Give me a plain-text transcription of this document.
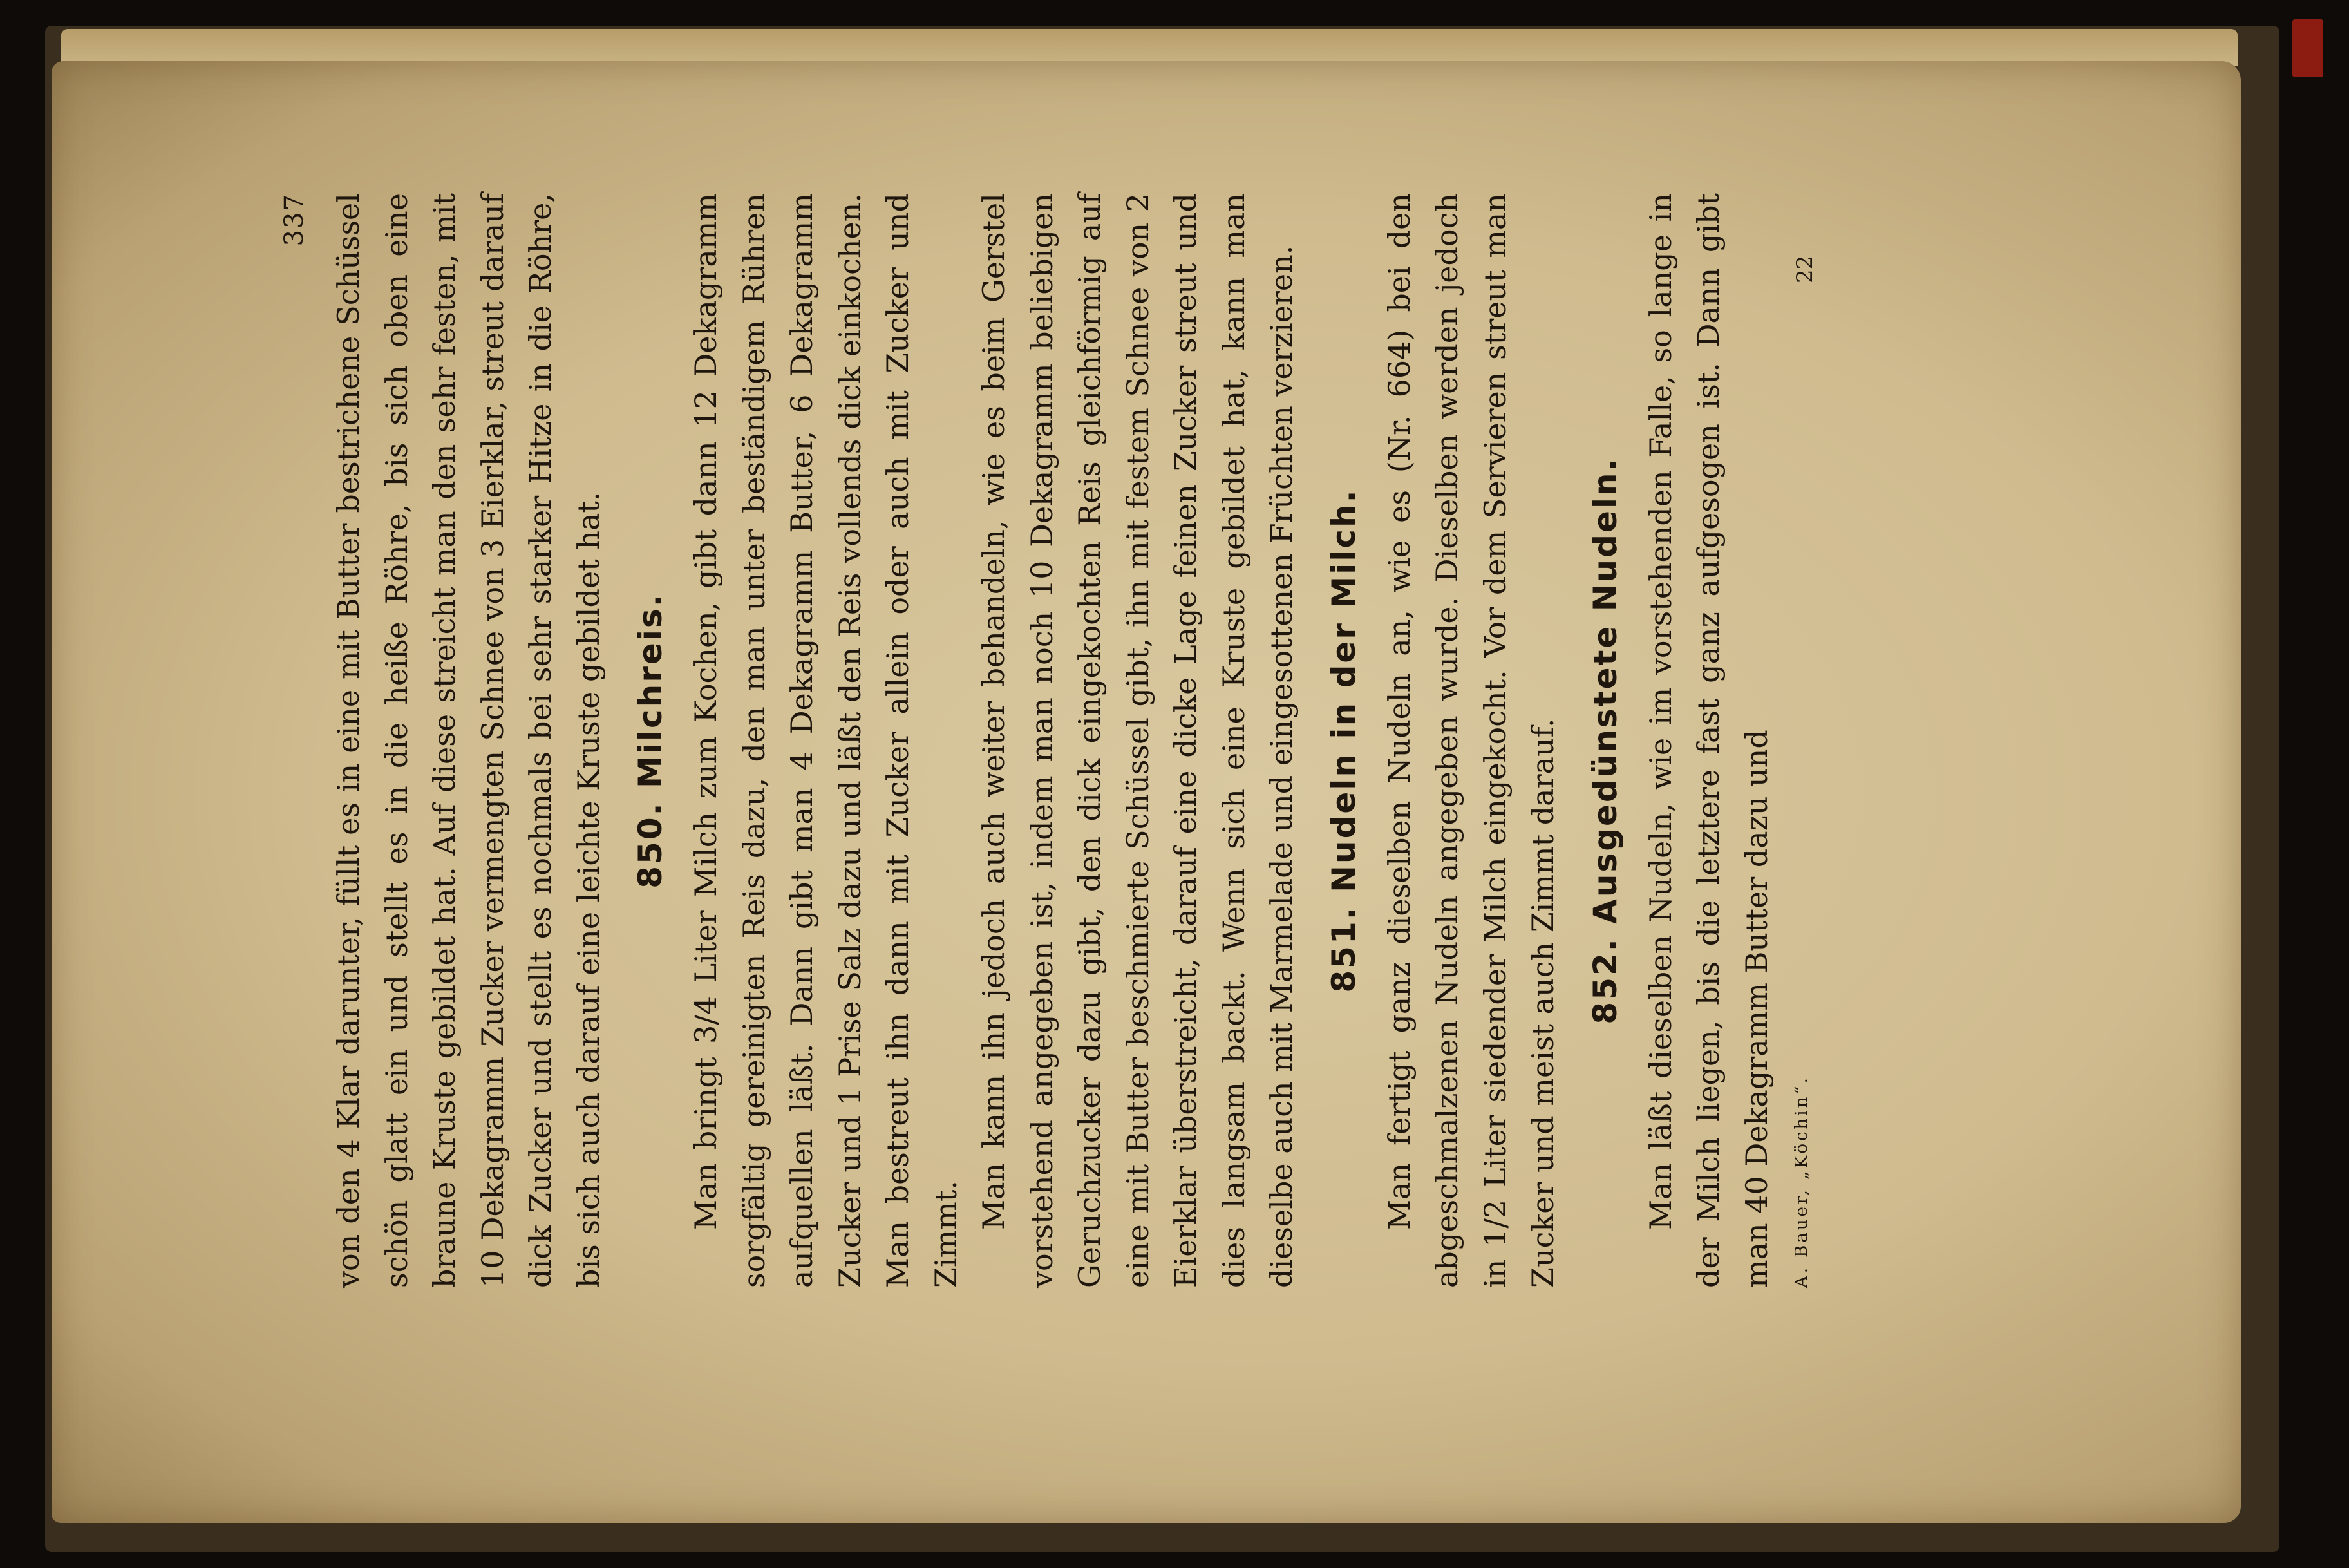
337 von den 4 Klar darunter, füllt es in eine mit Butter bestrichene Schüssel schön glatt ein und stellt es in die heiße Röhre, bis sich oben eine braune Kruste gebildet hat. Auf diese streicht man den sehr festen, mit 10 Dekagramm Zucker vermengten Schnee von 3 Eierklar, streut darauf dick Zucker und stellt es nochmals bei sehr starker Hitze in die Röhre, bis sich auch darauf eine leichte Kruste gebildet hat. 850. Milchreis. Man bringt 3/4 Liter Milch zum Kochen, gibt dann 12 Dekagramm sorgfältig gereinigten Reis dazu, den man unter beständigem Rühren aufquellen läßt. Dann gibt man 4 Dekagramm Butter, 6 Dekagramm Zucker und 1 Prise Salz dazu und läßt den Reis vollends dick einkochen. Man bestreut ihn dann mit Zucker allein oder auch mit Zucker und Zimmt.

Man kann ihn jedoch auch weiter behandeln, wie es beim Gerstel vorstehend angegeben ist, indem man noch 10 Dekagramm beliebigen Geruchzucker dazu gibt, den dick eingekochten Reis gleichförmig auf eine mit Butter beschmierte Schüssel gibt, ihn mit festem Schnee von 2 Eierklar überstreicht, darauf eine dicke Lage feinen Zucker streut und dies langsam backt. Wenn sich eine Kruste gebildet hat, kann man dieselbe auch mit Marmelade und eingesottenen Früchten verzieren. 851. Nudeln in der Milch. Man fertigt ganz dieselben Nudeln an, wie es (Nr. 664) bei den abgeschmalzenen Nudeln angegeben wurde. Dieselben werden jedoch in 1/2 Liter siedender Milch eingekocht. Vor dem Servieren streut man Zucker und meist auch Zimmt darauf. 852. Ausgedünstete Nudeln. Man läßt dieselben Nudeln, wie im vorstehenden Falle, so lange in der Milch liegen, bis die letztere fast ganz aufgesogen ist. Dann gibt man 40 Dekagramm Butter dazu und	A. Bauer, „Köchin“.
22
